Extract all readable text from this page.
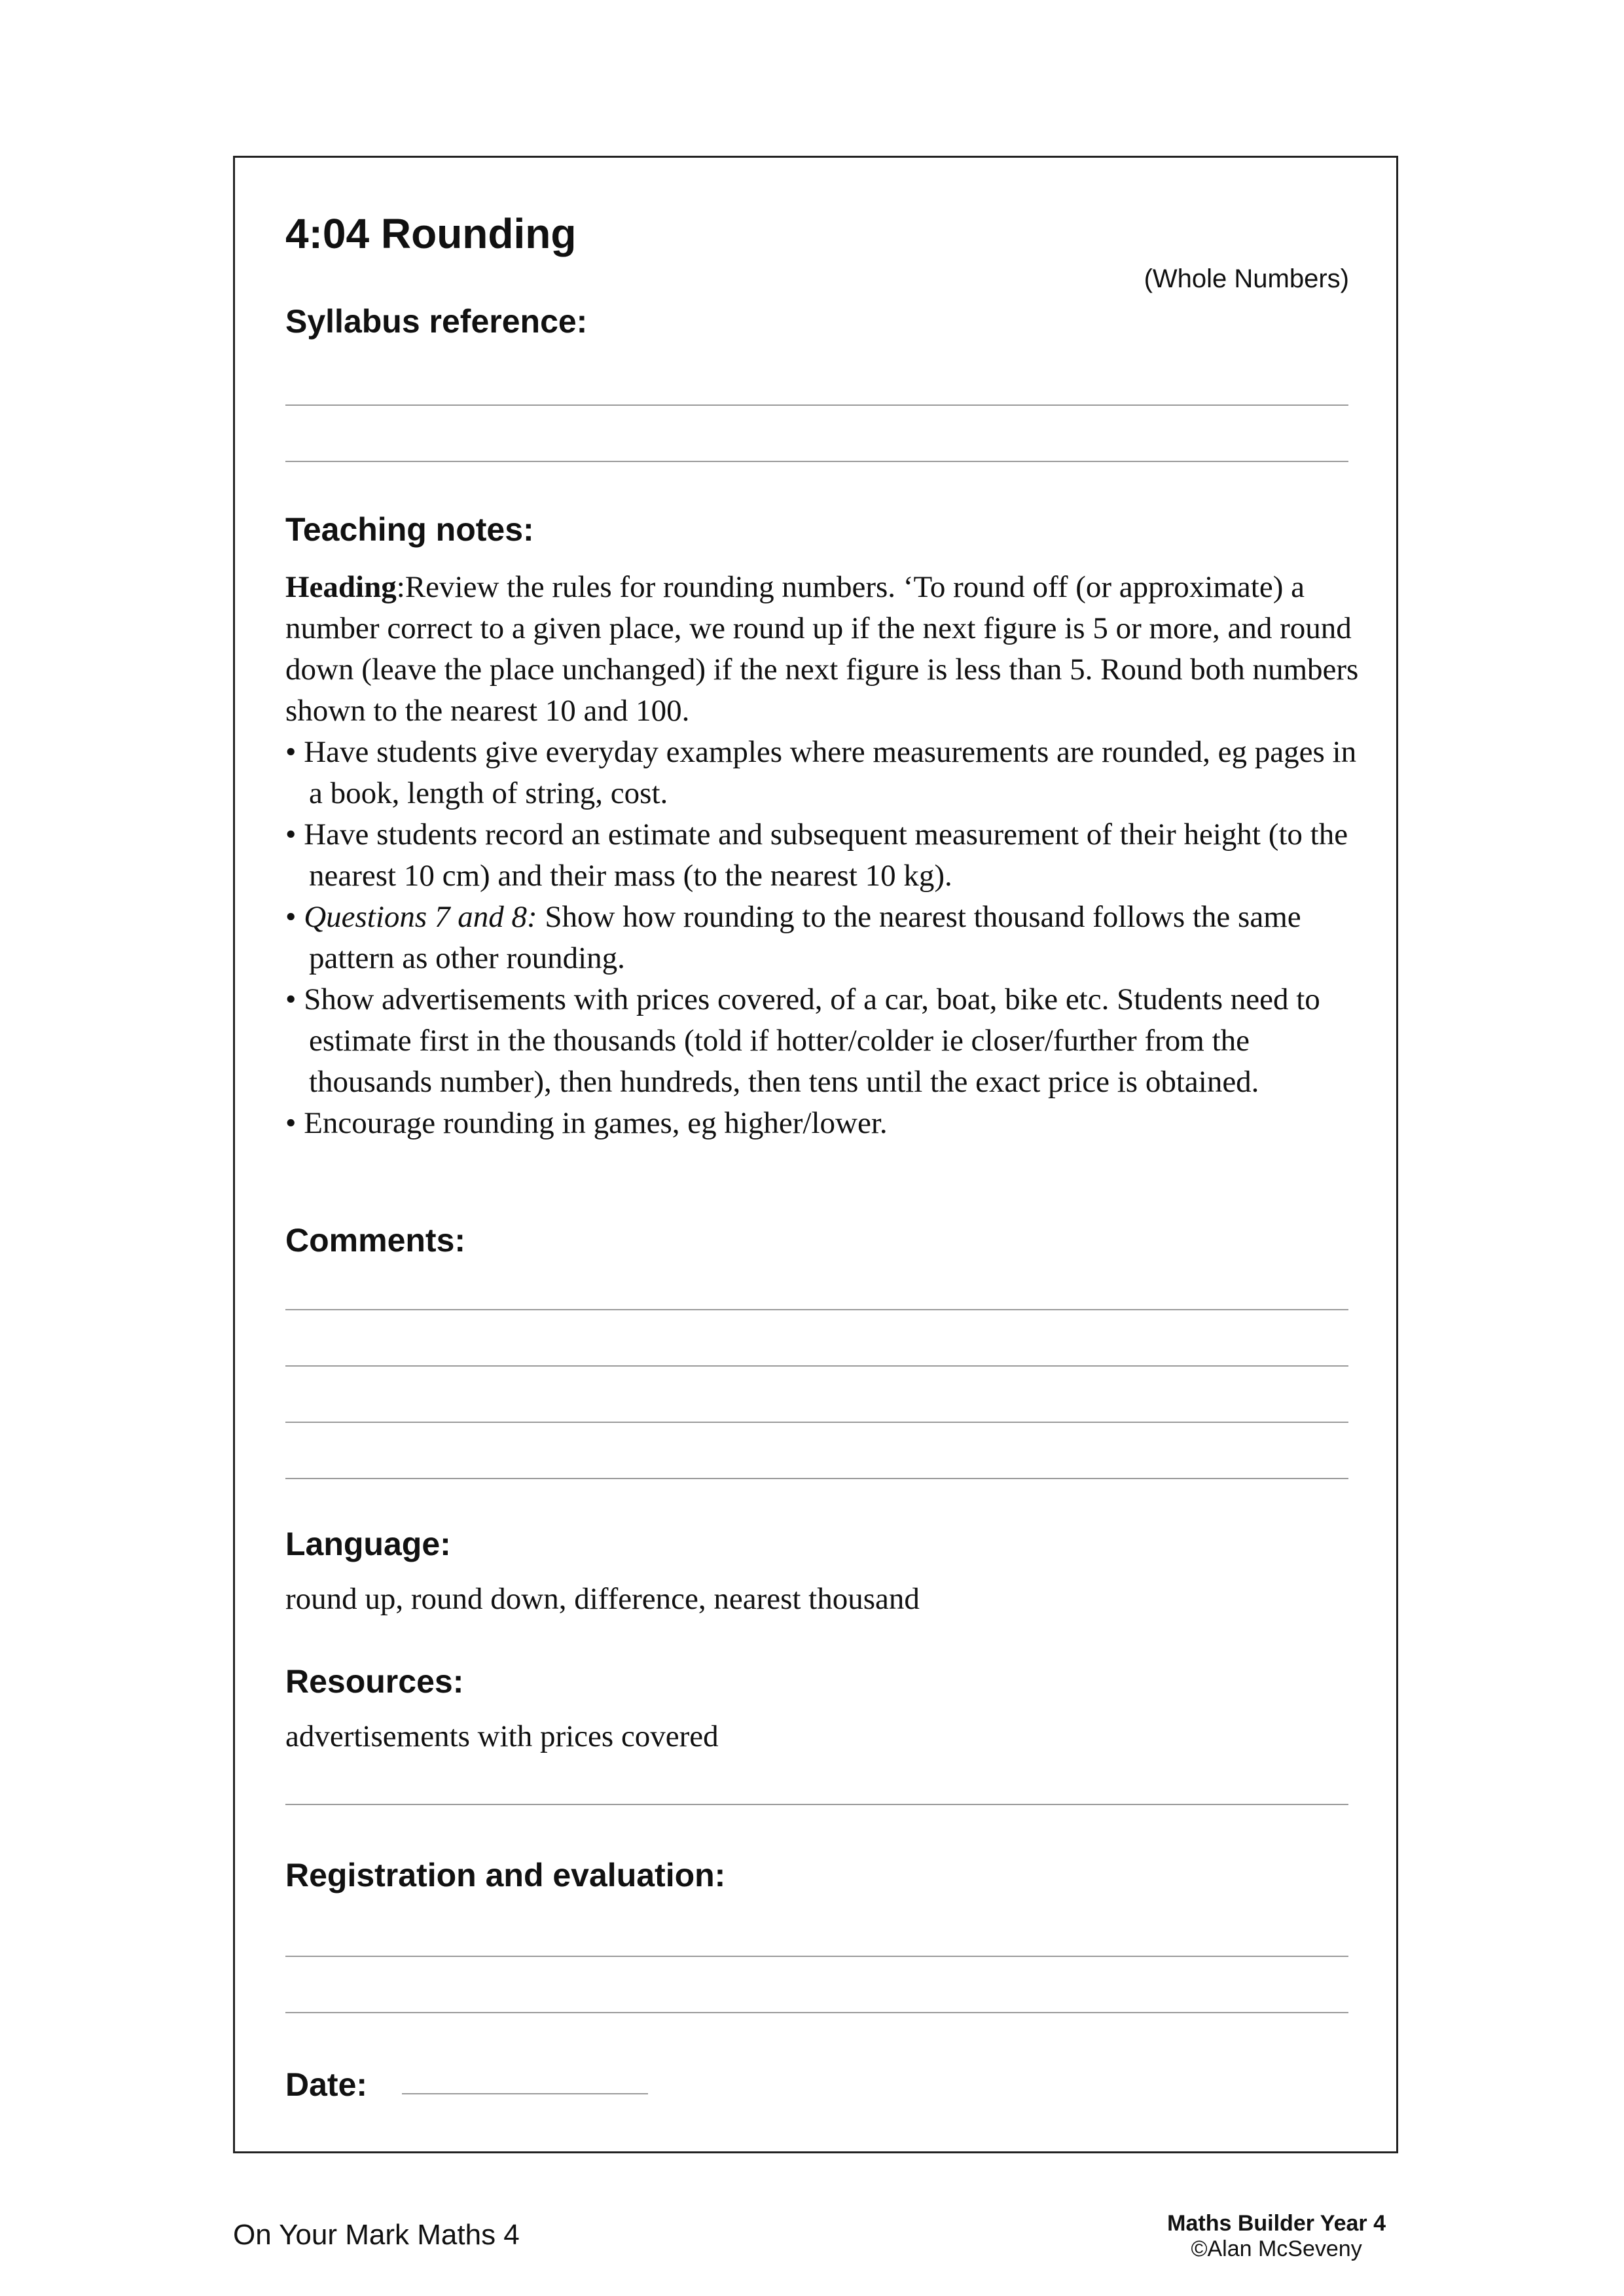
4:04 Rounding
(Whole Numbers)
Syllabus reference:
Teaching notes:

Heading:Review the rules for rounding numbers. ‘To round off (or approximate) a number correct to a given place, we round up if the next figure is 5 or more, and round down (leave the place unchanged) if the next figure is less than 5. Round both numbers shown to the nearest 10 and 100.

• Have students give everyday examples where measurements are rounded, eg pages in a book, length of string, cost.

• Have students record an estimate and subsequent measurement of their height (to the nearest 10 cm) and their mass (to the nearest 10 kg).

• Questions 7 and 8: Show how rounding to the nearest thousand follows the same pattern as other rounding.

• Show advertisements with prices covered, of a car, boat, bike etc. Students need to estimate first in the thousands (told if hotter/colder ie closer/further from the thousands number), then hundreds, then tens until the exact price is obtained.

• Encourage rounding in games, eg higher/lower.

Comments:
Language:
round up, round down, difference, nearest thousand
Resources:
advertisements with prices covered
Registration and evaluation:
Date:
On Your Mark Maths 4	Maths Builder Year 4
©Alan McSeveny
